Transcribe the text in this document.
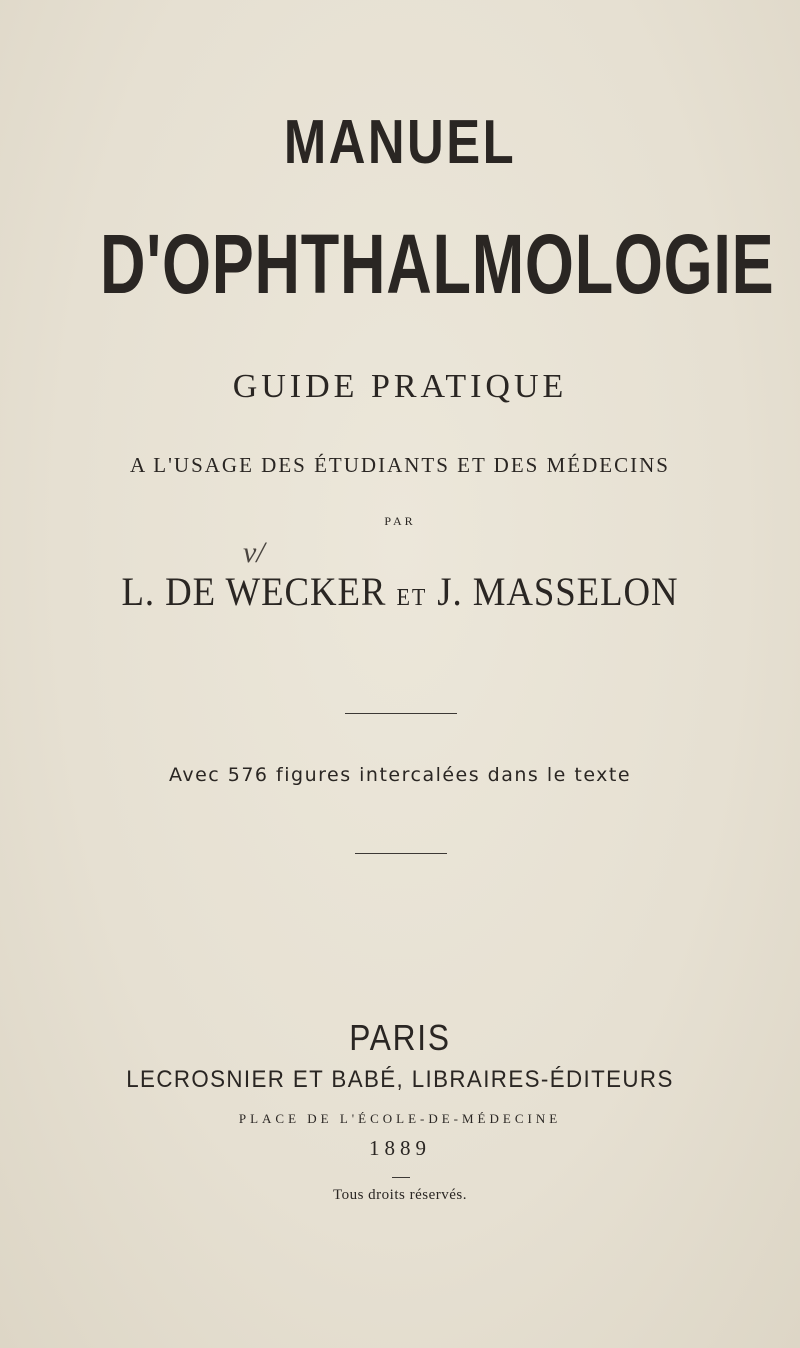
MANUEL
D'OPHTHALMOLOGIE
GUIDE PRATIQUE
A L'USAGE DES ÉTUDIANTS ET DES MÉDECINS
PAR
v/
L. DE WECKER ET J. MASSELON
Avec 576 figures intercalées dans le texte
PARIS
LECROSNIER ET BABÉ, LIBRAIRES-ÉDITEURS
PLACE DE L'ÉCOLE-DE-MÉDECINE
1889
Tous droits réservés.
